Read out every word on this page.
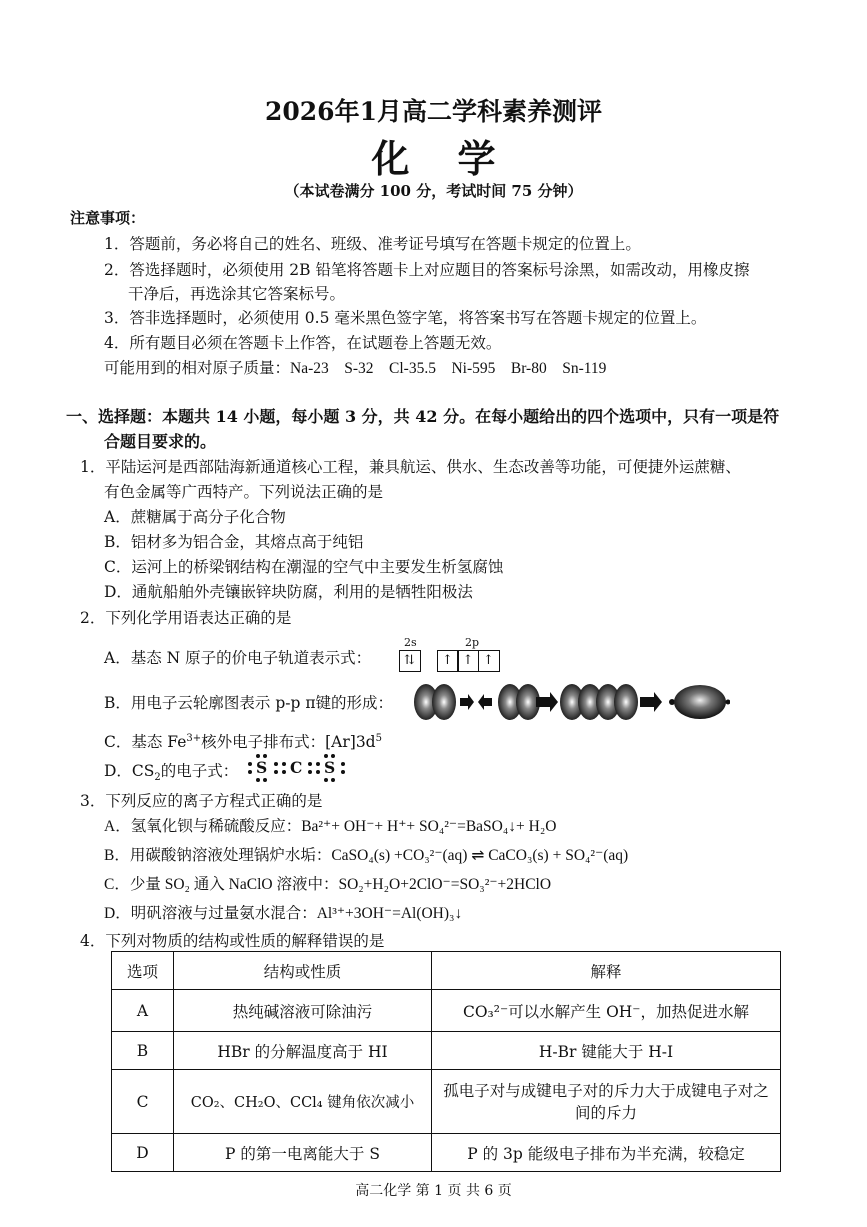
2026年1月高二学科素养测评
化学
（本试卷满分 100 分，考试时间 75 分钟）
注意事项：
1．答题前，务必将自己的姓名、班级、准考证号填写在答题卡规定的位置上。
2．答选择题时，必须使用 2B 铅笔将答题卡上对应题目的答案标号涂黑，如需改动，用橡皮擦
干净后，再选涂其它答案标号。
3．答非选择题时，必须使用 0.5 毫米黑色签字笔，将答案书写在答题卡规定的位置上。
4．所有题目必须在答题卡上作答，在试题卷上答题无效。
可能用到的相对原子质量：Na-23　S-32　Cl-35.5　Ni-595　Br-80　Sn-119
一、选择题：本题共 14 小题，每小题 3 分，共 42 分。在每小题给出的四个选项中，只有一项是符
合题目要求的。
1．平陆运河是西部陆海新通道核心工程，兼具航运、供水、生态改善等功能，可便捷外运蔗糖、
有色金属等广西特产。下列说法正确的是
A．蔗糖属于高分子化合物
B．铝材多为铝合金，其熔点高于纯铝
C．运河上的桥梁钢结构在潮湿的空气中主要发生析氢腐蚀
D．通航船舶外壳镶嵌锌块防腐，利用的是牺牲阳极法
2．下列化学用语表达正确的是
A．基态 N 原子的价电子轨道表示式：
2s	2p
⇅	↑ ↑ ↑
B．用电子云轮廓图表示 p-p π键的形成：
C．基态 $Fe^{3+}$核外电子排布式：$[Ar]3d^5$
D．$CS_2$的电子式： S C S
3．下列反应的离子方程式正确的是
A．氢氧化钡与稀硫酸反应：Ba²⁺+ OH⁻+ H⁺+ SO₄²⁻=BaSO₄↓+ H₂O
B．用碳酸钠溶液处理锅炉水垢：CaSO₄(s) +CO₃²⁻(aq) ⇌ CaCO₃(s) + SO₄²⁻(aq)
C．少量 SO₂ 通入 NaClO 溶液中：SO₂+H₂O+2ClO⁻=SO₃²⁻+2HClO
D．明矾溶液与过量氨水混合：Al³⁺+3OH⁻=Al(OH)₃↓
4．下列对物质的结构或性质的解释错误的是
选项	结构或性质	解释
A	热纯碱溶液可除油污	CO₃²⁻可以水解产生 OH⁻，加热促进水解
B	HBr 的分解温度高于 HI	H-Br 键能大于 H-I
C	CO₂、CH₂O、CCl₄ 键角依次减小	孤电子对与成键电子对的斥力大于成键电子对之间的斥力
D	P 的第一电离能大于 S	P 的 3p 能级电子排布为半充满，较稳定
高二化学 第 1 页 共 6 页
